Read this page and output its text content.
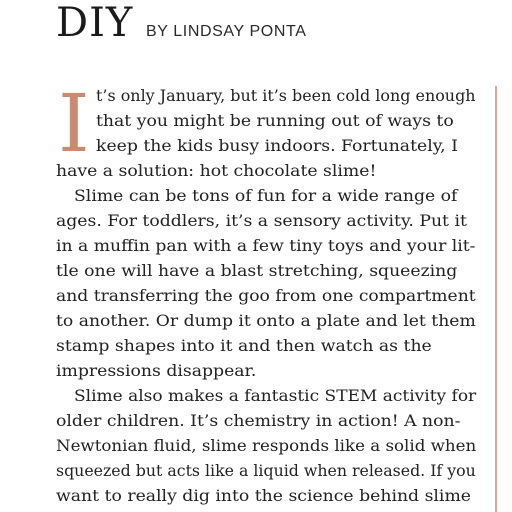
DIY BY LINDSAY PONTA
I t’s only January, but it’s been cold long enough
that you might be running out of ways to
keep the kids busy indoors. Fortunately, I
have a solution: hot chocolate slime!
Slime can be tons of fun for a wide range of
ages. For toddlers, it’s a sensory activity. Put it
in a muffin pan with a few tiny toys and your lit-
tle one will have a blast stretching, squeezing
and transferring the goo from one compartment
to another. Or dump it onto a plate and let them
stamp shapes into it and then watch as the
impressions disappear.
Slime also makes a fantastic STEM activity for
older children. It’s chemistry in action! A non-
Newtonian fluid, slime responds like a solid when
squeezed but acts like a liquid when released. If you
want to really dig into the science behind slime
